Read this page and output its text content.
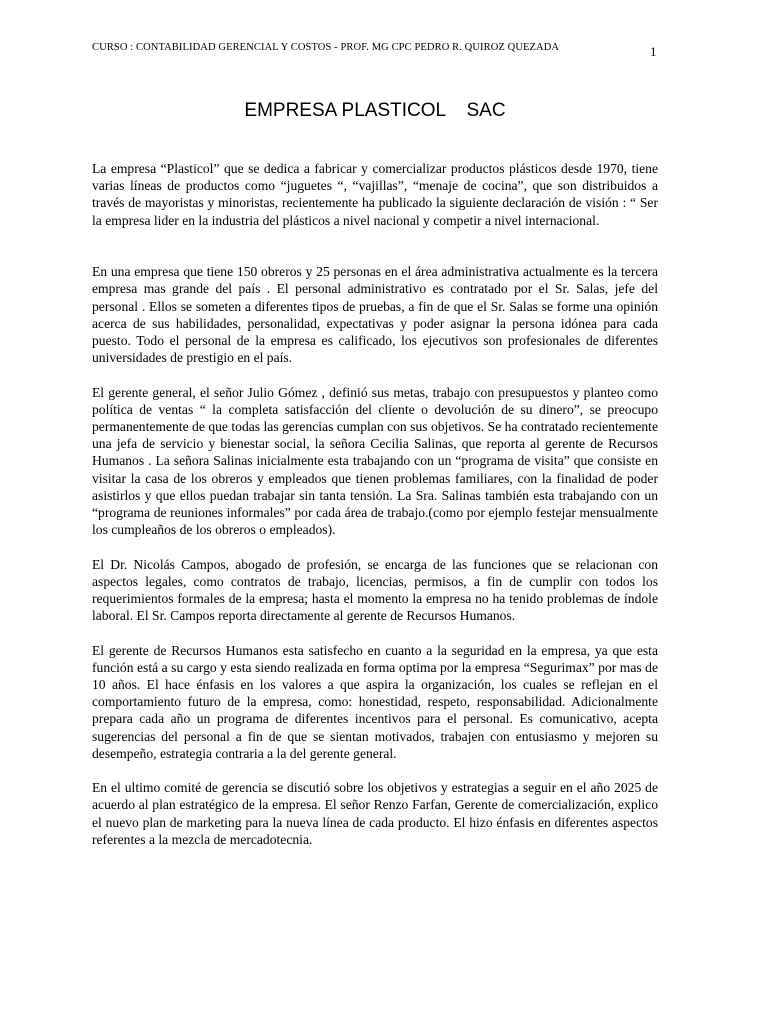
CURSO : CONTABILIDAD GERENCIAL Y COSTOS - PROF. MG CPC PEDRO R. QUIROZ QUEZADA	1
EMPRESA PLASTICOL    SAC

La empresa “Plasticol” que se dedica a fabricar y comercializar productos plásticos desde 1970, tiene varias líneas de productos como “juguetes “, “vajillas”, “menaje de cocina”, que son distribuidos a través de mayoristas y minoristas, recientemente ha publicado la siguiente declaración de visión : “ Ser la empresa lider en la industria del plásticos a nivel nacional y competir a nivel internacional.

En una empresa que tiene 150 obreros y 25 personas en el área administrativa actualmente es la tercera empresa mas grande del país . El personal administrativo es contratado por el Sr. Salas, jefe del personal . Ellos se someten a diferentes tipos de pruebas, a fin de que el Sr. Salas se forme una opinión acerca de sus habilidades, personalidad, expectativas y poder asignar la persona idónea para cada puesto. Todo el personal de la empresa es calificado, los ejecutivos son profesionales de diferentes universidades de prestigio en el país.

El gerente general, el señor Julio Gómez , definió sus metas, trabajo con presupuestos y planteo como política de ventas “ la completa satisfacción del cliente o devolución de su dinero”, se preocupo permanentemente de que todas las gerencias cumplan con sus objetivos. Se ha contratado recientemente una jefa de servicio y bienestar social, la señora Cecilia Salinas, que reporta al gerente de Recursos Humanos . La señora Salinas inicialmente esta trabajando con un “programa de visita” que consiste en visitar la casa de los obreros y empleados que tienen problemas familiares, con la finalidad de poder asistirlos y que ellos puedan trabajar sin tanta tensión. La Sra. Salinas también esta trabajando con un “programa de reuniones informales” por cada área de trabajo.(como por ejemplo festejar mensualmente los cumpleaños de los obreros o empleados).

El Dr. Nicolás Campos, abogado de profesión, se encarga de las funciones que se relacionan con aspectos legales, como contratos de trabajo, licencias, permisos, a fin de cumplir con todos los requerimientos formales de la empresa; hasta el momento la empresa no ha tenido problemas de índole laboral. El Sr. Campos reporta directamente al gerente de Recursos Humanos.

El gerente de Recursos Humanos esta satisfecho en cuanto a la seguridad en la empresa, ya que esta función está a su cargo y esta siendo realizada en forma optima por la empresa “Segurimax” por mas de 10 años. El hace énfasis en los valores a que aspira la organización, los cuales se reflejan en el comportamiento futuro de la empresa, como: honestidad, respeto, responsabilidad. Adicionalmente prepara cada año un programa de diferentes incentivos para el personal. Es comunicativo, acepta sugerencias del personal a fin de que se sientan motivados, trabajen con entusiasmo y mejoren su desempeño, estrategia contraria a la del gerente general.

En el ultimo comité de gerencia se discutió sobre los objetivos y estrategias a seguir en el año 2025 de acuerdo al plan estratégico de la empresa. El señor Renzo Farfan, Gerente de comercialización, explico el nuevo plan de marketing para la nueva línea de cada producto. El hizo énfasis en diferentes aspectos referentes a la mezcla de mercadotecnia.
